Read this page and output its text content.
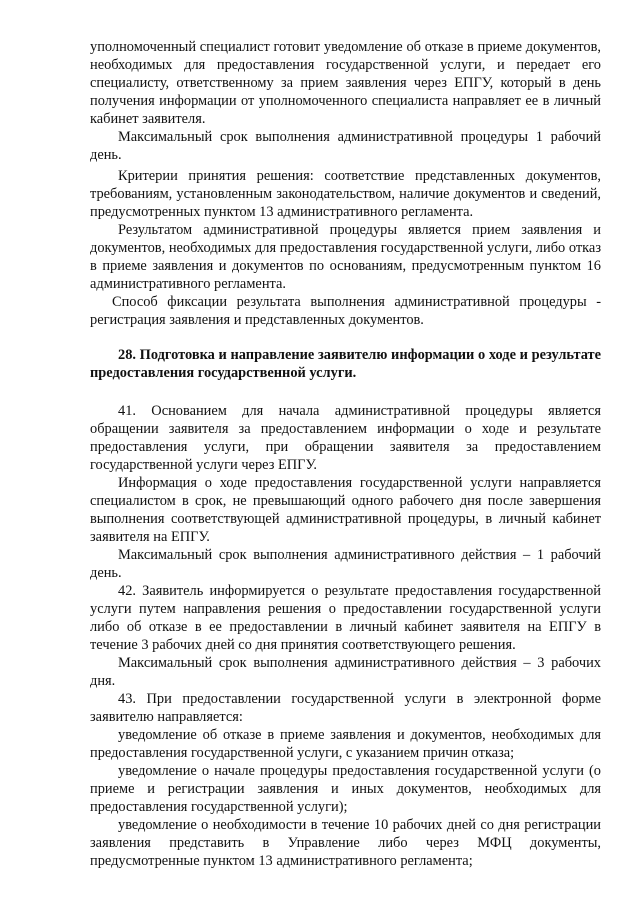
уполномоченный специалист готовит уведомление об отказе в приеме документов, необходимых для предоставления государственной услуги, и передает его специалисту, ответственному за прием заявления через ЕПГУ, который в день получения информации от уполномоченного специалиста направляет ее в личный кабинет заявителя.

Максимальный срок выполнения административной процедуры 1 рабочий день.

Критерии принятия решения: соответствие представленных документов, требованиям, установленным законодательством, наличие документов и сведений, предусмотренных пунктом 13 административного регламента.

Результатом административной процедуры является прием заявления и документов, необходимых для предоставления государственной услуги, либо отказ в приеме заявления и документов по основаниям, предусмотренным пунктом 16 административного регламента.

Способ фиксации результата выполнения административной процедуры - регистрация заявления и представленных документов.

28. Подготовка и направление заявителю информации о ходе и результате предоставления государственной услуги.

41. Основанием для начала административной процедуры является обращении заявителя за предоставлением информации о ходе и результате предоставления услуги, при обращении заявителя за предоставлением государственной услуги через ЕПГУ.

Информация о ходе предоставления государственной услуги направляется специалистом в срок, не превышающий одного рабочего дня после завершения выполнения соответствующей административной процедуры, в личный кабинет заявителя на ЕПГУ.

Максимальный срок выполнения административного действия – 1 рабочий день.

42. Заявитель информируется о результате предоставления государственной услуги путем направления решения о предоставлении государственной услуги либо об отказе в ее предоставлении в личный кабинет заявителя на ЕПГУ в течение 3 рабочих дней со дня принятия соответствующего решения.

Максимальный срок выполнения административного действия – 3 рабочих дня.

43. При предоставлении государственной услуги в электронной форме заявителю направляется:

уведомление об отказе в приеме заявления и документов, необходимых для предоставления государственной услуги, с указанием причин отказа;

уведомление о начале процедуры предоставления государственной услуги (о приеме и регистрации заявления и иных документов, необходимых для предоставления государственной услуги);

уведомление о необходимости в течение 10 рабочих дней со дня регистрации заявления представить в Управление либо через МФЦ документы, предусмотренные пунктом 13 административного регламента;
